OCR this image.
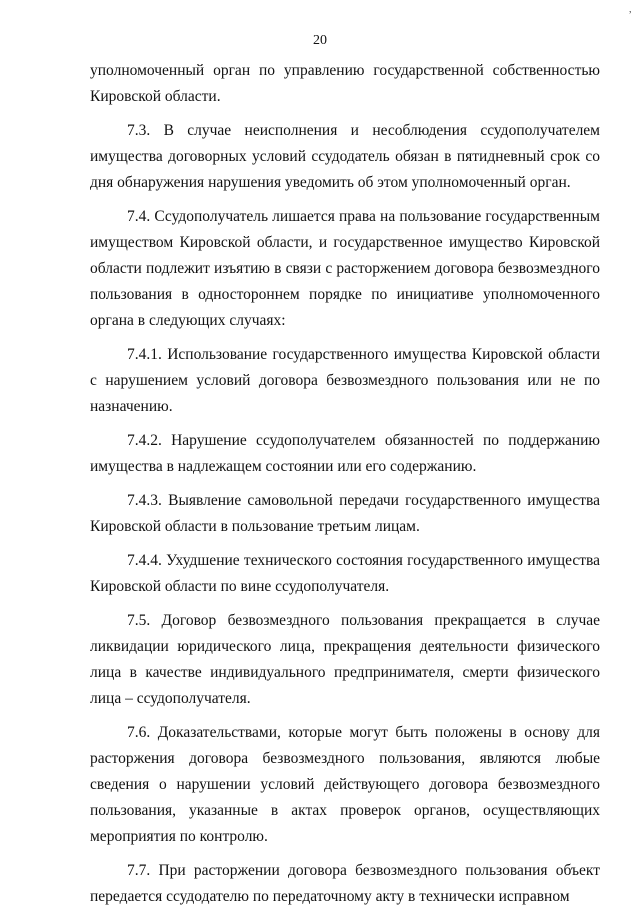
20
,

уполномоченный орган по управлению государственной собственностью Кировской области.

7.3. В случае неисполнения и несоблюдения ссудополучателем имущества договорных условий ссудодатель обязан в пятидневный срок со дня обнаружения нарушения уведомить об этом уполномоченный орган.

7.4. Ссудополучатель лишается права на пользование государственным имуществом Кировской области, и государственное имущество Кировской области подлежит изъятию в связи с расторжением договора безвозмездного пользования в одностороннем порядке по инициативе уполномоченного органа в следующих случаях:

7.4.1. Использование государственного имущества Кировской области с нарушением условий договора безвозмездного пользования или не по назначению.

7.4.2. Нарушение ссудополучателем обязанностей по поддержанию имущества в надлежащем состоянии или его содержанию.

7.4.3. Выявление самовольной передачи государственного имущества Кировской области в пользование третьим лицам.

7.4.4. Ухудшение технического состояния государственного имущества Кировской области по вине ссудополучателя.

7.5. Договор безвозмездного пользования прекращается в случае ликвидации юридического лица, прекращения деятельности физического лица в качестве индивидуального предпринимателя, смерти физического лица – ссудополучателя.

7.6. Доказательствами, которые могут быть положены в основу для расторжения договора безвозмездного пользования, являются любые сведения о нарушении условий действующего договора безвозмездного пользования, указанные в актах проверок органов, осуществляющих мероприятия по контролю.

7.7. При расторжении договора безвозмездного пользования объект передается ссудодателю по передаточному акту в технически исправном
